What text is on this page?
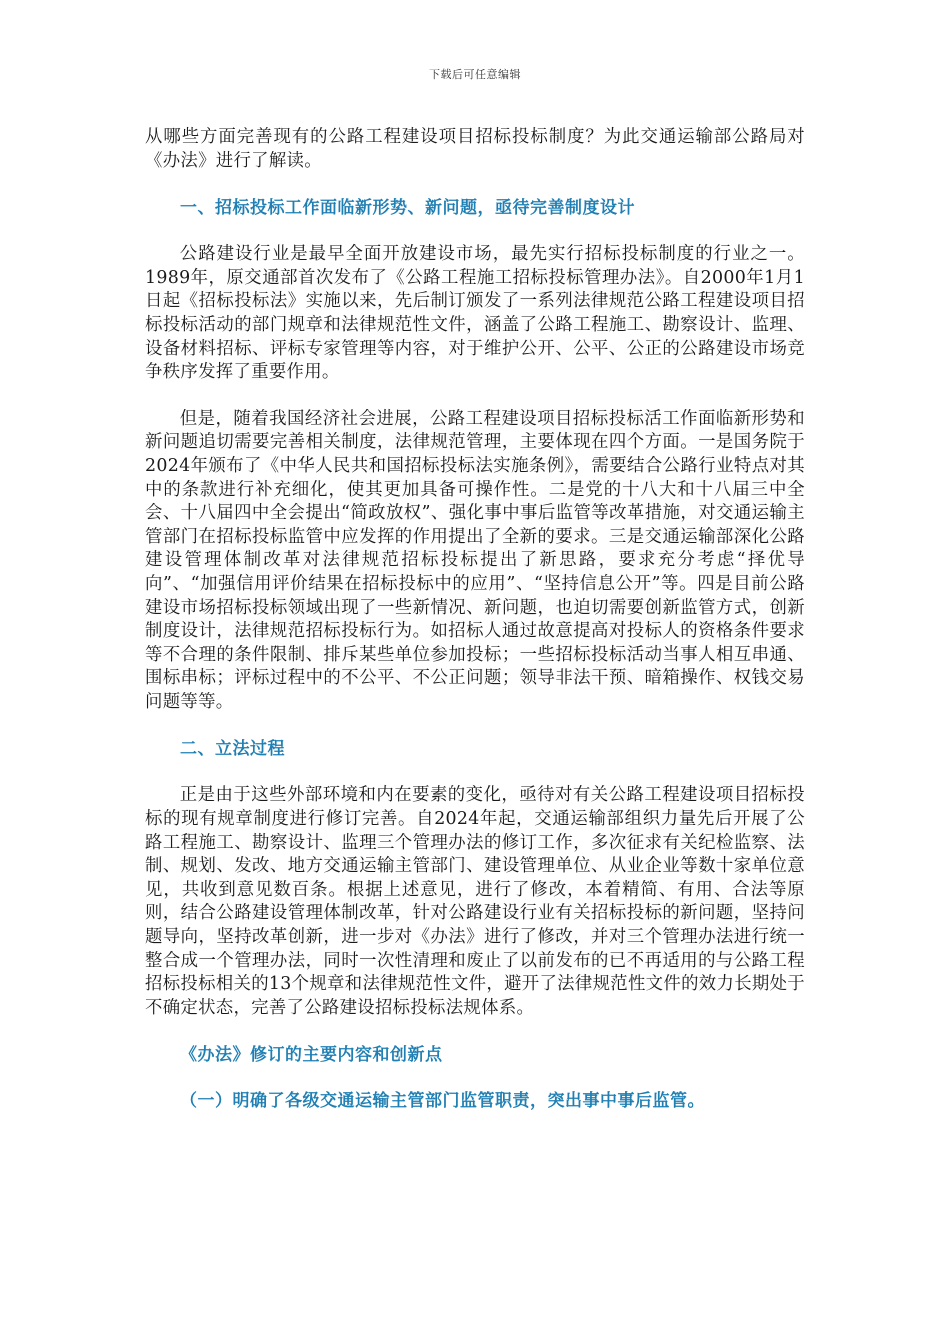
下载后可任意编辑

从哪些方面完善现有的公路工程建设项目招标投标制度？为此交通运输部公路局对《办法》进行了解读。

一、招标投标工作面临新形势、新问题，亟待完善制度设计

公路建设行业是最早全面开放建设市场，最先实行招标投标制度的行业之一。1989年，原交通部首次发布了《公路工程施工招标投标管理办法》。自2000年1月1日起《招标投标法》实施以来，先后制订颁发了一系列法律规范公路工程建设项目招标投标活动的部门规章和法律规范性文件，涵盖了公路工程施工、勘察设计、监理、设备材料招标、评标专家管理等内容，对于维护公开、公平、公正的公路建设市场竞争秩序发挥了重要作用。

但是，随着我国经济社会进展，公路工程建设项目招标投标活工作面临新形势和新问题追切需要完善相关制度，法律规范管理，主要体现在四个方面。一是国务院于2024年颁布了《中华人民共和国招标投标法实施条例》，需要结合公路行业特点对其中的条款进行补充细化，使其更加具备可操作性。二是党的十八大和十八届三中全会、十八届四中全会提出“简政放权”、强化事中事后监管等改革措施，对交通运输主管部门在招标投标监管中应发挥的作用提出了全新的要求。三是交通运输部深化公路建设管理体制改革对法律规范招标投标提出了新思路，要求充分考虑“择优导向”、“加强信用评价结果在招标投标中的应用”、“坚持信息公开”等。四是目前公路建设市场招标投标领域出现了一些新情况、新问题，也迫切需要创新监管方式，创新制度设计，法律规范招标投标行为。如招标人通过故意提高对投标人的资格条件要求等不合理的条件限制、排斥某些单位参加投标；一些招标投标活动当事人相互串通、围标串标；评标过程中的不公平、不公正问题；领导非法干预、暗箱操作、权钱交易问题等等。

二、立法过程

正是由于这些外部环境和内在要素的变化，亟待对有关公路工程建设项目招标投标的现有规章制度进行修订完善。自2024年起，交通运输部组织力量先后开展了公路工程施工、勘察设计、监理三个管理办法的修订工作，多次征求有关纪检监察、法制、规划、发改、地方交通运输主管部门、建设管理单位、从业企业等数十家单位意见，共收到意见数百条。根据上述意见，进行了修改，本着精简、有用、合法等原则，结合公路建设管理体制改革，针对公路建设行业有关招标投标的新问题，坚持问题导向，坚持改革创新，进一步对《办法》进行了修改，并对三个管理办法进行统一整合成一个管理办法，同时一次性清理和废止了以前发布的已不再适用的与公路工程招标投标相关的13个规章和法律规范性文件，避开了法律规范性文件的效力长期处于不确定状态，完善了公路建设招标投标法规体系。

《办法》修订的主要内容和创新点

（一）明确了各级交通运输主管部门监管职责，突出事中事后监管。
